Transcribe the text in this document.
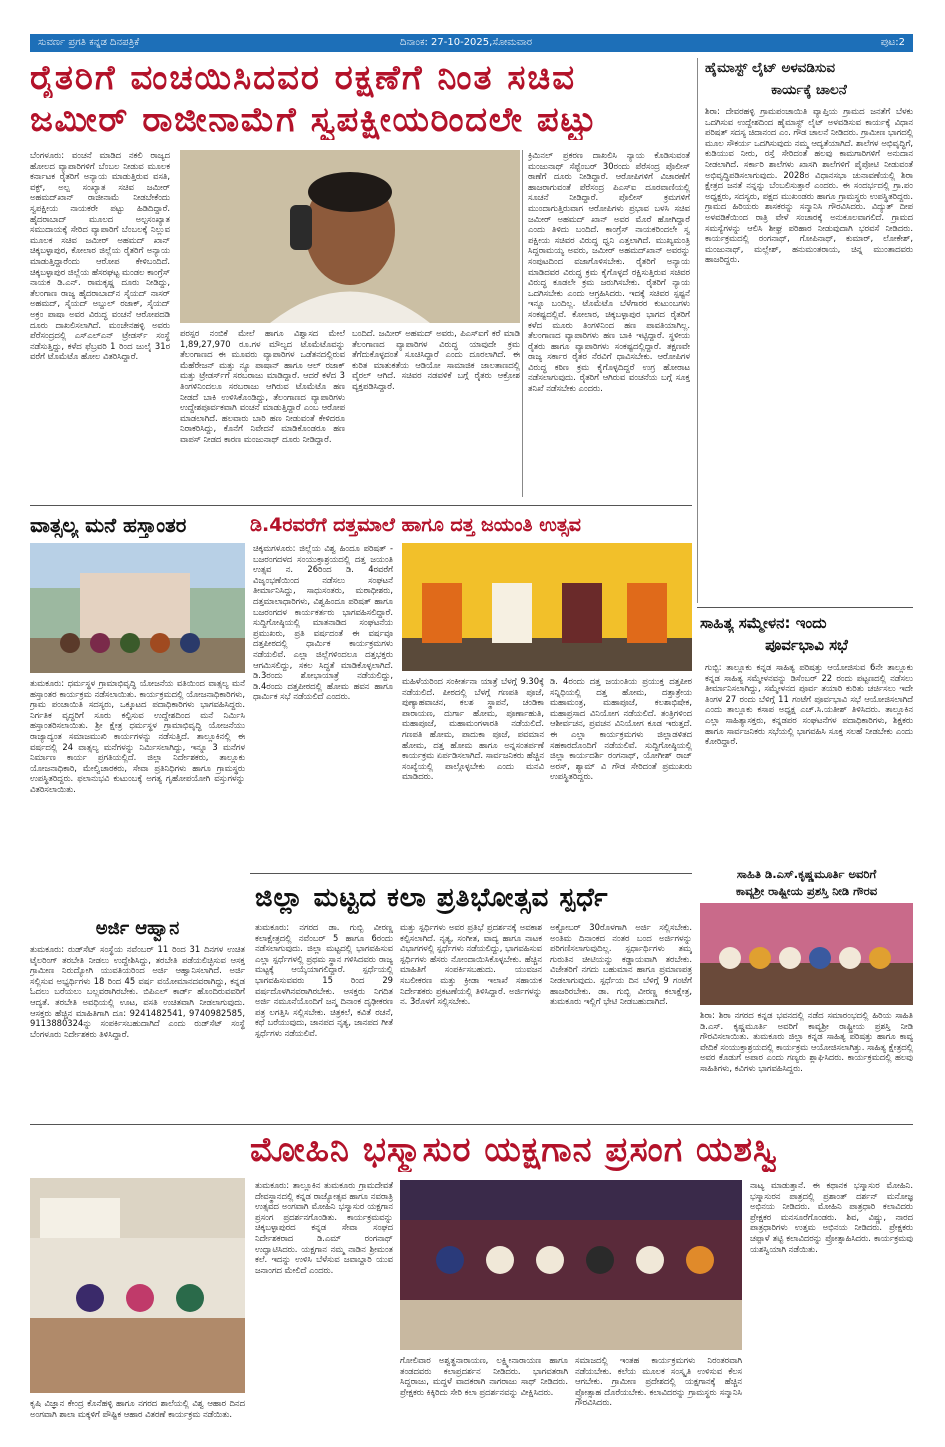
ಸುವರ್ಣ ಪ್ರಗತಿ ಕನ್ನಡ ದಿನಪತ್ರಿಕೆ	ದಿನಾಂಕ: 27-10-2025,ಸೋಮವಾರ	ಪುಟ:2
ರೈತರಿಗೆ ವಂಚಯಿಸಿದವರ ರಕ್ಷಣೆಗೆ ನಿಂತ ಸಚಿವ
ಜಮೀರ್ ರಾಜೀನಾಮೆಗೆ ಸ್ವಪಕ್ಷೀಯರಿಂದಲೇ ಪಟ್ಟು
ಬೆಂಗಳೂರು: ವಂಚನೆ ಮಾಡಿದ ನಕಲಿ ರಾಜ್ಯದ ಹೋಲದ ವ್ಯಾಪಾರಿಗಳಿಗೆ ಬೆಂಬಲ ನೀಡುವ ಮೂಲಕ ಕರ್ನಾಟಕ ರೈತರಿಗೆ ಅನ್ಯಾಯ ಮಾಡುತ್ತಿರುವ ವಸತಿ, ವಕ್ಫ್, ಅಲ್ಪ ಸಂಖ್ಯಾತ ಸಚಿವ ಜಮೀರ್ ಅಹಮದ್‌ಖಾನ್ ರಾಜೀನಾಮೆ ನೀಡಬೇಕೆಂದು ಸ್ವಪಕ್ಷೀಯ ನಾಯಕರೇ ಪಟ್ಟು ಹಿಡಿದಿದ್ದಾರೆ. ಹೈದರಾಬಾದ್ ಮೂಲದ ಅಲ್ಪಸಂಖ್ಯಾತ ಸಮುದಾಯಕ್ಕೆ ಸೇರಿದ ವ್ಯಾಪಾರಿಗೆ ಬೆಂಬಲಕ್ಕೆ ನಿಲ್ಲುವ ಮೂಲಕ ಸಚಿವ ಜಮೀರ್ ಅಹಮದ್ ಖಾನ್ ಚಿಕ್ಕಬಳ್ಳಾಪುರ, ಕೋಲಾರ ಜಿಲ್ಲೆಯ ರೈತರಿಗೆ ಅನ್ಯಾಯ ಮಾಡುತ್ತಿದ್ದಾರೆಂದು ಆರೋಪ ಕೇಳಿಬಂದಿದೆ. ಚಿಕ್ಕಬಳ್ಳಾಪುರ ಜಿಲ್ಲೆಯ ಹೆಸರಘಟ್ಟ ಮಂಡಲ ಕಾಂಗ್ರೆಸ್ ನಾಯಕ ಡಿ.ಎನ್. ರಾಮಕೃಷ್ಣ ದೂರು ನೀಡಿದ್ದು, ತೆಲಂಗಾಣ ರಾಜ್ಯ ಹೈದರಾಬಾದ್‌ನ ಸೈಯದ್ ನಾಸರ್ ಅಹಮದ್, ಸೈಯದ್ ಅಬ್ದುಲ್ ರಜಾಕ್, ಸೈಯದ್ ಅಕ್ರಂ ಪಾಷಾ ಅವರ ವಿರುದ್ಧ ವಂಚನೆ ಆರೋಪದಡಿ ದೂರು ದಾಖಲಿಸಲಾಗಿದೆ. ಮಂಚೇನಹಳ್ಳಿ ಅವರು ಪೆರೆಸಂದ್ರದಲ್ಲಿ ಎಸ್‌ಎಲ್‌ಎನ್ ಟ್ರೇಡರ್ಸ್ ಸಂಸ್ಥೆ ನಡೆಸುತ್ತಿದ್ದು, ಕಳೆದ ಫೆಬ್ರವರಿ 1 ರಿಂದ ಜುಲೈ 31ರ ವರೆಗೆ ಟೊಮೆಟೊ ಹೋಲ ವಿತರಿಸಿದ್ದಾರೆ.
ಪರಸ್ಪರ ನಂಬಿಕೆ ಮೇಲೆ ಹಾಗೂ ವಿಶ್ವಾಸದ ಮೇಲೆ 1,89,27,970 ರೂ.ಗಳ ಮೌಲ್ಯದ ಟೊಮೆಟೊವನ್ನು ತೆಲಂಗಾಣದ ಈ ಮೂವರು ವ್ಯಾಪಾರಿಗಳ ಒಡೆತನದಲ್ಲಿರುವ ಮೆಹೆರೇಜನ್ ಮತ್ತು ನ್ಯೂ ಪಾಷಾನ್ ಹಾಗೂ ಆಲ್ ರಜಾಕ್ ಮತ್ತು ಟ್ರೇಡರ್ಸ್‌ಗೆ ಸರಬರಾಜು ಮಾಡಿದ್ದಾರೆ. ಆದರೆ ಕಳೆದ 3 ತಿಂಗಳಿನಿಂದಲೂ ಸರಬರಾಜು ಆಗಿರುವ ಟೊಮೆಟೊ ಹಣ ನೀಡದೆ ಬಾಕಿ ಉಳಿಸಿಕೊಂಡಿದ್ದು, ತೆಲಂಗಾಣದ ವ್ಯಾಪಾರಿಗಳು ಉದ್ದೇಶಪೂರ್ವಕವಾಗಿ ವಂಚನೆ ಮಾಡುತ್ತಿದ್ದಾರೆ ಎಂಬ ಆರೋಪ ಮಾಡಲಾಗಿದೆ. ಹಲವಾರು ಬಾರಿ ಹಣ ನೀಡುವಂತೆ ಕೇಳಿದರೂ ನಿರಾಕರಿಸಿದ್ದು, ಕೊನೆಗೆ ನಿವೇದನೆ ಮಾಡಿಕೊಂಡರೂ ಹಣ ವಾಪಸ್ ನೀಡದ ಕಾರಣ ಮಂಜುನಾಥ್ ದೂರು ನೀಡಿದ್ದಾರೆ.
ಬಂದಿದೆ. ಜಮೀರ್ ಅಹಮದ್ ಅವರು, ಪಿಎಸ್‌ಐಗೆ ಕರೆ ಮಾಡಿ ತೆಲಂಗಾಣದ ವ್ಯಾಪಾರಿಗಳ ವಿರುದ್ಧ ಯಾವುದೇ ಕ್ರಮ ತೆಗೆದುಕೊಳ್ಳದಂತೆ ಸೂಚಿಸಿದ್ದಾರೆ ಎಂದು ದೂರಲಾಗಿದೆ. ಈ ಕುರಿತ ಮಾತುಕತೆಯ ಆಡಿಯೋ ಸಾಮಾಜಿಕ ಜಾಲತಾಣದಲ್ಲಿ ವೈರಲ್ ಆಗಿದೆ. ಸಚಿವರ ನಡವಳಿಕೆ ಬಗ್ಗೆ ರೈತರು ಆಕ್ರೋಶ ವ್ಯಕ್ತಪಡಿಸಿದ್ದಾರೆ.
ಕ್ರಿಮಿನಲ್ ಪ್ರಕರಣ ದಾಖಲಿಸಿ ನ್ಯಾಯ ಕೊಡಿಸುವಂತೆ ಮಂಜುನಾಥ್ ಸೆಪ್ಟೆಂಬರ್ 30ರಂದು ಪೆರೆಸಂದ್ರ ಪೊಲೀಸ್ ಠಾಣೆಗೆ ದೂರು ನೀಡಿದ್ದಾರೆ. ಆರೋಪಿಗಳಿಗೆ ವಿಚಾರಣೆಗೆ ಹಾಜರಾಗುವಂತೆ ಪೆರೆಸಂದ್ರ ಪಿಎಸ್‌ಐ ದೂರವಾಣಿಯಲ್ಲಿ ಸೂಚನೆ ನೀಡಿದ್ದಾರೆ. ಪೊಲೀಸ್ ಕ್ರಮಗಳಿಗೆ ಮುಂದಾಗುತ್ತಿರುವಾಗ ಆರೋಪಿಗಳು ಪ್ರಭಾವ ಬಳಸಿ ಸಚಿವ ಜಮೀರ್ ಅಹಮದ್ ಖಾನ್ ಅವರ ಮೊರೆ ಹೋಗಿದ್ದಾರೆ ಎಂದು ತಿಳಿದು ಬಂದಿದೆ. ಕಾಂಗ್ರೆಸ್ ನಾಯಕರಿಂದಲೇ ಸ್ವ ಪಕ್ಷೀಯ ಸಚಿವರ ವಿರುದ್ಧ ಧ್ವನಿ ಎತ್ತಲಾಗಿದೆ. ಮುಖ್ಯಮಂತ್ರಿ ಸಿದ್ದರಾಮಯ್ಯ ಅವರು, ಜಮೀರ್ ಅಹಮದ್‌ಖಾನ್ ಅವರನ್ನು ಸಂಪುಟದಿಂದ ವಜಾಗೊಳಿಸಬೇಕು. ರೈತರಿಗೆ ಅನ್ಯಾಯ ಮಾಡಿದವರ ವಿರುದ್ಧ ಕ್ರಮ ಕೈಗೊಳ್ಳದೆ ರಕ್ಷಿಸುತ್ತಿರುವ ಸಚಿವರ ವಿರುದ್ಧ ಕೂಡಲೇ ಕ್ರಮ ಜರುಗಿಸಬೇಕು. ರೈತರಿಗೆ ನ್ಯಾಯ ಒದಗಿಸಬೇಕು ಎಂದು ಆಗ್ರಹಿಸಿದರು. ಇದಕ್ಕೆ ಸಚಿವರ ಸ್ಪಷ್ಟನೆ ಇನ್ನೂ ಬಂದಿಲ್ಲ. ಟೊಮೆಟೊ ಬೆಳೆಗಾರರ ಕುಟುಂಬಗಳು ಸಂಕಷ್ಟದಲ್ಲಿವೆ. ಕೋಲಾರ, ಚಿಕ್ಕಬಳ್ಳಾಪುರ ಭಾಗದ ರೈತರಿಗೆ ಕಳೆದ ಮೂರು ತಿಂಗಳಿನಿಂದ ಹಣ ಪಾವತಿಯಾಗಿಲ್ಲ. ತೆಲಂಗಾಣದ ವ್ಯಾಪಾರಿಗಳು ಹಣ ಬಾಕಿ ಇಟ್ಟಿದ್ದಾರೆ. ಸ್ಥಳೀಯ ರೈತರು ಹಾಗೂ ವ್ಯಾಪಾರಿಗಳು ಸಂಕಷ್ಟದಲ್ಲಿದ್ದಾರೆ. ತಕ್ಷಣವೇ ರಾಜ್ಯ ಸರ್ಕಾರ ರೈತರ ನೆರವಿಗೆ ಧಾವಿಸಬೇಕು. ಆರೋಪಿಗಳ ವಿರುದ್ಧ ಕಠಿಣ ಕ್ರಮ ಕೈಗೊಳ್ಳದಿದ್ದರೆ ಉಗ್ರ ಹೋರಾಟ ನಡೆಸಲಾಗುವುದು. ರೈತರಿಗೆ ಆಗಿರುವ ವಂಚನೆಯ ಬಗ್ಗೆ ಸೂಕ್ತ ತನಿಖೆ ನಡೆಸಬೇಕು ಎಂದರು.
ಹೈಮಾಸ್ಟ್ ಲೈಟ್ ಅಳವಡಿಸುವ
ಕಾರ್ಯಕ್ಕೆ ಚಾಲನೆ
ಶಿರಾ: ದೇವರಹಳ್ಳಿ ಗ್ರಾಮಪಂಚಾಯಿತಿ ವ್ಯಾಪ್ತಿಯ ಗ್ರಾಮದ ಜನತೆಗೆ ಬೆಳಕು ಒದಗಿಸುವ ಉದ್ದೇಶದಿಂದ ಹೈಮಾಸ್ಟ್ ಲೈಟ್ ಅಳವಡಿಸುವ ಕಾರ್ಯಕ್ಕೆ ವಿಧಾನ ಪರಿಷತ್ ಸದಸ್ಯ ಚಿದಾನಂದ ಎಂ. ಗೌಡ ಚಾಲನೆ ನೀಡಿದರು. ಗ್ರಾಮೀಣ ಭಾಗದಲ್ಲಿ ಮೂಲ ಸೌಕರ್ಯ ಒದಗಿಸುವುದು ನಮ್ಮ ಆದ್ಯತೆಯಾಗಿದೆ. ಶಾಲೆಗಳ ಅಭಿವೃದ್ಧಿಗೆ, ಕುಡಿಯುವ ನೀರು, ರಸ್ತೆ ಸೇರಿದಂತೆ ಹಲವು ಕಾಮಗಾರಿಗಳಿಗೆ ಅನುದಾನ ನೀಡಲಾಗಿದೆ. ಸರ್ಕಾರಿ ಶಾಲೆಗಳು ಖಾಸಗಿ ಶಾಲೆಗಳಿಗೆ ಪೈಪೋಟಿ ನೀಡುವಂತೆ ಅಭಿವೃದ್ಧಿಪಡಿಸಲಾಗುವುದು. 2028ರ ವಿಧಾನಸಭಾ ಚುನಾವಣೆಯಲ್ಲಿ ಶಿರಾ ಕ್ಷೇತ್ರದ ಜನತೆ ನನ್ನನ್ನು ಬೆಂಬಲಿಸುತ್ತಾರೆ ಎಂದರು. ಈ ಸಂದರ್ಭದಲ್ಲಿ ಗ್ರಾ.ಪಂ ಅಧ್ಯಕ್ಷರು, ಸದಸ್ಯರು, ಪಕ್ಷದ ಮುಖಂಡರು ಹಾಗೂ ಗ್ರಾಮಸ್ಥರು ಉಪಸ್ಥಿತರಿದ್ದರು. ಗ್ರಾಮದ ಹಿರಿಯರು ಶಾಸಕರನ್ನು ಸನ್ಮಾನಿಸಿ ಗೌರವಿಸಿದರು. ವಿದ್ಯುತ್ ದೀಪ ಅಳವಡಿಕೆಯಿಂದ ರಾತ್ರಿ ವೇಳೆ ಸಂಚಾರಕ್ಕೆ ಅನುಕೂಲವಾಗಲಿದೆ. ಗ್ರಾಮದ ಸಮಸ್ಯೆಗಳನ್ನು ಆಲಿಸಿ ಶೀಘ್ರ ಪರಿಹಾರ ನೀಡುವುದಾಗಿ ಭರವಸೆ ನೀಡಿದರು. ಕಾರ್ಯಕ್ರಮದಲ್ಲಿ ರಂಗನಾಥ್, ಗೋಪಿನಾಥ್, ಕುಮಾರ್, ಲೋಕೇಶ್, ಮಂಜುನಾಥ್, ಮಲ್ಲೇಶ್, ಹನುಮಂತರಾಯ, ಚಿನ್ನ ಮುಂತಾದವರು ಹಾಜರಿದ್ದರು.
ವಾತ್ಸಲ್ಯ ಮನೆ ಹಸ್ತಾಂತರ	ಡಿ.4ರವರೆಗೆ ದತ್ತಮಾಲೆ ಹಾಗೂ ದತ್ತ ಜಯಂತಿ ಉತ್ಸವ
ತುಮಕೂರು: ಧರ್ಮಸ್ಥಳ ಗ್ರಾಮಾಭಿವೃದ್ಧಿ ಯೋಜನೆಯ ವತಿಯಿಂದ ವಾತ್ಸಲ್ಯ ಮನೆ ಹಸ್ತಾಂತರ ಕಾರ್ಯಕ್ರಮ ನಡೆಸಲಾಯಿತು. ಕಾರ್ಯಕ್ರಮದಲ್ಲಿ ಯೋಜನಾಧಿಕಾರಿಗಳು, ಗ್ರಾಮ ಪಂಚಾಯಿತಿ ಸದಸ್ಯರು, ಒಕ್ಕೂಟದ ಪದಾಧಿಕಾರಿಗಳು ಭಾಗವಹಿಸಿದ್ದರು. ನಿರ್ಗತಿಕ ವೃದ್ಧರಿಗೆ ಸೂರು ಕಲ್ಪಿಸುವ ಉದ್ದೇಶದಿಂದ ಮನೆ ನಿರ್ಮಿಸಿ ಹಸ್ತಾಂತರಿಸಲಾಯಿತು. ಶ್ರೀ ಕ್ಷೇತ್ರ ಧರ್ಮಸ್ಥಳ ಗ್ರಾಮಾಭಿವೃದ್ಧಿ ಯೋಜನೆಯು ರಾಜ್ಯಾದ್ಯಂತ ಸಮಾಜಮುಖಿ ಕಾರ್ಯಗಳನ್ನು ನಡೆಸುತ್ತಿದೆ. ತಾಲ್ಲೂಕಿನಲ್ಲಿ ಈ ವರ್ಷದಲ್ಲಿ 24 ವಾತ್ಸಲ್ಯ ಮನೆಗಳನ್ನು ನಿರ್ಮಿಸಲಾಗಿದ್ದು, ಇನ್ನೂ 3 ಮನೆಗಳ ನಿರ್ಮಾಣ ಕಾರ್ಯ ಪ್ರಗತಿಯಲ್ಲಿದೆ. ಜಿಲ್ಲಾ ನಿರ್ದೇಶಕರು, ತಾಲ್ಲೂಕು ಯೋಜನಾಧಿಕಾರಿ, ಮೇಲ್ವಿಚಾರಕರು, ಸೇವಾ ಪ್ರತಿನಿಧಿಗಳು ಹಾಗೂ ಗ್ರಾಮಸ್ಥರು ಉಪಸ್ಥಿತರಿದ್ದರು. ಫಲಾನುಭವಿ ಕುಟುಂಬಕ್ಕೆ ಅಗತ್ಯ ಗೃಹೋಪಯೋಗಿ ವಸ್ತುಗಳನ್ನು ವಿತರಿಸಲಾಯಿತು.
ಚಿಕ್ಕಮಗಳೂರು: ಜಿಲ್ಲೆಯ ವಿಶ್ವ ಹಿಂದೂ ಪರಿಷತ್ - ಬಜರಂಗದಳದ ಸಂಯುಕ್ತಾಶ್ರಯದಲ್ಲಿ ದತ್ತ ಜಯಂತಿ ಉತ್ಸವ ನ. 26ರಿಂದ ಡಿ. 4ರವರೆಗೆ ವಿಜೃಂಭಣೆಯಿಂದ ನಡೆಸಲು ಸಂಘಟನೆ ತೀರ್ಮಾನಿಸಿದ್ದು, ಸಾಧುಸಂತರು, ಮಠಾಧೀಶರು, ದತ್ತಮಾಲಾಧಾರಿಗಳು, ವಿಶ್ವಹಿಂದೂ ಪರಿಷತ್ ಹಾಗೂ ಬಜರಂಗದಳ ಕಾರ್ಯಕರ್ತರು ಭಾಗವಹಿಸಲಿದ್ದಾರೆ. ಸುದ್ದಿಗೋಷ್ಠಿಯಲ್ಲಿ ಮಾತನಾಡಿದ ಸಂಘಟನೆಯ ಪ್ರಮುಖರು, ಪ್ರತಿ ವರ್ಷದಂತೆ ಈ ವರ್ಷವೂ ದತ್ತಪೀಠದಲ್ಲಿ ಧಾರ್ಮಿಕ ಕಾರ್ಯಕ್ರಮಗಳು ನಡೆಯಲಿವೆ. ಎಲ್ಲಾ ಜಿಲ್ಲೆಗಳಿಂದಲೂ ದತ್ತಭಕ್ತರು ಆಗಮಿಸಲಿದ್ದು, ಸಕಲ ಸಿದ್ಧತೆ ಮಾಡಿಕೊಳ್ಳಲಾಗಿದೆ. ಡಿ.3ರಂದು ಶೋಭಾಯಾತ್ರೆ ನಡೆಯಲಿದ್ದು, ಡಿ.4ರಂದು ದತ್ತಪೀಠದಲ್ಲಿ ಹೋಮ ಹವನ ಹಾಗೂ ಧಾರ್ಮಿಕ ಸಭೆ ನಡೆಯಲಿದೆ ಎಂದರು.
ಮಹಿಳೆಯರಿಂದ ಸಂಕೀರ್ತನಾ ಯಾತ್ರೆ ಬೆಳಗ್ಗೆ 9.30ಕ್ಕೆ ನಡೆಯಲಿದೆ. ಪೀಠದಲ್ಲಿ ಬೆಳಗ್ಗೆ ಗಣಪತಿ ಪೂಜೆ, ಪುಣ್ಯಾಹವಾಚನ, ಕಲಶ ಸ್ಥಾಪನೆ, ಚಂಡಿಕಾ ಪಾರಾಯಣ, ದುರ್ಗಾ ಹೋಮ, ಪೂರ್ಣಾಹುತಿ, ಮಹಾಪೂಜೆ, ಮಹಾಮಂಗಳಾರತಿ ನಡೆಯಲಿದೆ. ಗಣಪತಿ ಹೋಮ, ಪಾದುಕಾ ಪೂಜೆ, ಪವಮಾನ ಹೋಮ, ದತ್ತ ಹೋಮ ಹಾಗೂ ಅನ್ನಸಂತರ್ಪಣೆ ಕಾರ್ಯಕ್ರಮ ಏರ್ಪಡಿಸಲಾಗಿದೆ. ಸಾರ್ವಜನಿಕರು ಹೆಚ್ಚಿನ ಸಂಖ್ಯೆಯಲ್ಲಿ ಪಾಲ್ಗೊಳ್ಳಬೇಕು ಎಂದು ಮನವಿ ಮಾಡಿದರು.
ಡಿ. 4ರಂದು ದತ್ತ ಜಯಂತಿಯ ಪ್ರಯುಕ್ತ ದತ್ತಪೀಠ ಸನ್ನಿಧಿಯಲ್ಲಿ ದತ್ತ ಹೋಮ, ದತ್ತಾತ್ರೇಯ ಮಹಾಮಂತ್ರ, ಮಹಾಪೂಜೆ, ಕಲಶಾಭಿಷೇಕ, ಮಹಾಪ್ರಸಾದ ವಿನಿಯೋಗ ನಡೆಯಲಿದೆ. ತಂತ್ರಿಗಳಿಂದ ಆಶೀರ್ವಚನ, ಪ್ರವಚನ ವಿನಿಯೋಗ ಕೂಡ ಇರುತ್ತದೆ. ಈ ಎಲ್ಲಾ ಕಾರ್ಯಕ್ರಮಗಳು ಜಿಲ್ಲಾಡಳಿತದ ಸಹಕಾರದೊಂದಿಗೆ ನಡೆಯಲಿವೆ. ಸುದ್ದಿಗೋಷ್ಠಿಯಲ್ಲಿ ಜಿಲ್ಲಾ ಕಾರ್ಯದರ್ಶಿ ರಂಗನಾಥ್, ಯೋಗೀಶ್ ರಾಜ್ ಅರಸ್, ಶ್ಯಾಮ್ ವಿ ಗೌಡ ಸೇರಿದಂತೆ ಪ್ರಮುಖರು ಉಪಸ್ಥಿತರಿದ್ದರು.
ಸಾಹಿತ್ಯ ಸಮ್ಮೇಳನ: ಇಂದು
ಪೂರ್ವಭಾವಿ ಸಭೆ
ಗುಬ್ಬಿ: ತಾಲ್ಲೂಕು ಕನ್ನಡ ಸಾಹಿತ್ಯ ಪರಿಷತ್ತು ಆಯೋಜಿಸುವ 6ನೇ ತಾಲ್ಲೂಕು ಕನ್ನಡ ಸಾಹಿತ್ಯ ಸಮ್ಮೇಳನವನ್ನು ಡಿಸೆಂಬರ್ 22 ರಂದು ಪಟ್ಟಣದಲ್ಲಿ ನಡೆಸಲು ತೀರ್ಮಾನಿಸಲಾಗಿದ್ದು, ಸಮ್ಮೇಳನದ ಪೂರ್ವ ತಯಾರಿ ಕುರಿತು ಚರ್ಚಿಸಲು ಇದೇ ತಿಂಗಳ 27 ರಂದು ಬೆಳಿಗ್ಗೆ 11 ಗಂಟೆಗೆ ಪೂರ್ವಭಾವಿ ಸಭೆ ಆಯೋಜಿಸಲಾಗಿದೆ ಎಂದು ತಾಲ್ಲೂಕು ಕಸಾಪ ಅಧ್ಯಕ್ಷ ಎಚ್.ಸಿ.ಯತೀಶ್ ತಿಳಿಸಿದರು. ತಾಲ್ಲೂಕಿನ ಎಲ್ಲಾ ಸಾಹಿತ್ಯಾಸಕ್ತರು, ಕನ್ನಡಪರ ಸಂಘಟನೆಗಳ ಪದಾಧಿಕಾರಿಗಳು, ಶಿಕ್ಷಕರು ಹಾಗೂ ಸಾರ್ವಜನಿಕರು ಸಭೆಯಲ್ಲಿ ಭಾಗವಹಿಸಿ ಸೂಕ್ತ ಸಲಹೆ ನೀಡಬೇಕು ಎಂದು ಕೋರಿದ್ದಾರೆ.
ಸಾಹಿತಿ ಡಿ.ಎಸ್.ಕೃಷ್ಣಮೂರ್ತಿ ಅವರಿಗೆ
ಕಾವ್ಯಶ್ರೀ ರಾಷ್ಟ್ರೀಯ ಪ್ರಶಸ್ತಿ ನೀಡಿ ಗೌರವ
ಶಿರಾ: ಶಿರಾ ನಗರದ ಕನ್ನಡ ಭವನದಲ್ಲಿ ನಡೆದ ಸಮಾರಂಭದಲ್ಲಿ ಹಿರಿಯ ಸಾಹಿತಿ ಡಿ.ಎಸ್. ಕೃಷ್ಣಮೂರ್ತಿ ಅವರಿಗೆ ಕಾವ್ಯಶ್ರೀ ರಾಷ್ಟ್ರೀಯ ಪ್ರಶಸ್ತಿ ನೀಡಿ ಗೌರವಿಸಲಾಯಿತು. ತುಮಕೂರು ಜಿಲ್ಲಾ ಕನ್ನಡ ಸಾಹಿತ್ಯ ಪರಿಷತ್ತು ಹಾಗೂ ಕಾವ್ಯ ವೇದಿಕೆ ಸಂಯುಕ್ತಾಶ್ರಯದಲ್ಲಿ ಕಾರ್ಯಕ್ರಮ ಆಯೋಜಿಸಲಾಗಿತ್ತು. ಸಾಹಿತ್ಯ ಕ್ಷೇತ್ರದಲ್ಲಿ ಅವರ ಕೊಡುಗೆ ಅಪಾರ ಎಂದು ಗಣ್ಯರು ಶ್ಲಾಘಿಸಿದರು. ಕಾರ್ಯಕ್ರಮದಲ್ಲಿ ಹಲವು ಸಾಹಿತಿಗಳು, ಕವಿಗಳು ಭಾಗವಹಿಸಿದ್ದರು.
ಜಿಲ್ಲಾ ಮಟ್ಟದ ಕಲಾ ಪ್ರತಿಭೋತ್ಸವ ಸ್ಪರ್ಧೆ
ತುಮಕೂರು: ನಗರದ ಡಾ. ಗುಬ್ಬಿ ವೀರಣ್ಣ ಕಲಾಕ್ಷೇತ್ರದಲ್ಲಿ ನವೆಂಬರ್ 5 ಹಾಗೂ 6ರಂದು ನಡೆಸಲಾಗುವುದು. ಜಿಲ್ಲಾ ಮಟ್ಟದಲ್ಲಿ ಭಾಗವಹಿಸುವ ಎಲ್ಲಾ ಸ್ಪರ್ಧೆಗಳಲ್ಲಿ ಪ್ರಥಮ ಸ್ಥಾನ ಗಳಿಸಿದವರು ರಾಜ್ಯ ಮಟ್ಟಕ್ಕೆ ಆಯ್ಕೆಯಾಗಲಿದ್ದಾರೆ. ಸ್ಪರ್ಧೆಯಲ್ಲಿ ಭಾಗವಹಿಸುವವರು 15 ರಿಂದ 29 ವರ್ಷದೊಳಗಿನವರಾಗಿರಬೇಕು. ಆಸಕ್ತರು ನಿಗದಿತ ಅರ್ಜಿ ನಮೂನೆಯೊಂದಿಗೆ ಜನ್ಮ ದಿನಾಂಕ ದೃಢೀಕರಣ ಪತ್ರ ಲಗತ್ತಿಸಿ ಸಲ್ಲಿಸಬೇಕು. ಚಿತ್ರಕಲೆ, ಕವಿತೆ ರಚನೆ, ಕಥೆ ಬರೆಯುವುದು, ಜಾನಪದ ನೃತ್ಯ, ಜಾನಪದ ಗೀತೆ ಸ್ಪರ್ಧೆಗಳು ನಡೆಯಲಿವೆ.
ಮತ್ತು ಸ್ಪರ್ಧಿಗಳು ಅವರ ಪ್ರತಿಭೆ ಪ್ರದರ್ಶನಕ್ಕೆ ಅವಕಾಶ ಕಲ್ಪಿಸಲಾಗಿದೆ. ನೃತ್ಯ, ಸಂಗೀತ, ವಾದ್ಯ ಹಾಗೂ ನಾಟಕ ವಿಭಾಗಗಳಲ್ಲಿ ಸ್ಪರ್ಧೆಗಳು ನಡೆಯಲಿದ್ದು, ಭಾಗವಹಿಸುವ ಸ್ಪರ್ಧಿಗಳು ಹೆಸರು ನೋಂದಾಯಿಸಿಕೊಳ್ಳಬೇಕು. ಹೆಚ್ಚಿನ ಮಾಹಿತಿಗೆ ಸಂಪರ್ಕಿಸಬಹುದು. ಯುವಜನ ಸಬಲೀಕರಣ ಮತ್ತು ಕ್ರೀಡಾ ಇಲಾಖೆ ಸಹಾಯಕ ನಿರ್ದೇಶಕರು ಪ್ರಕಟಣೆಯಲ್ಲಿ ತಿಳಿಸಿದ್ದಾರೆ. ಅರ್ಜಿಗಳನ್ನು ನ. 3ರೊಳಗೆ ಸಲ್ಲಿಸಬೇಕು.
ಅಕ್ಟೋಬರ್ 30ರೊಳಗಾಗಿ ಅರ್ಜಿ ಸಲ್ಲಿಸಬೇಕು. ಅಂತಿಮ ದಿನಾಂಕದ ನಂತರ ಬಂದ ಅರ್ಜಿಗಳನ್ನು ಪರಿಗಣಿಸಲಾಗುವುದಿಲ್ಲ. ಸ್ಪರ್ಧಾರ್ಥಿಗಳು ತಮ್ಮ ಗುರುತಿನ ಚೀಟಿಯನ್ನು ಕಡ್ಡಾಯವಾಗಿ ತರಬೇಕು. ವಿಜೇತರಿಗೆ ನಗದು ಬಹುಮಾನ ಹಾಗೂ ಪ್ರಮಾಣಪತ್ರ ನೀಡಲಾಗುವುದು. ಸ್ಪರ್ಧೆಯ ದಿನ ಬೆಳಿಗ್ಗೆ 9 ಗಂಟೆಗೆ ಹಾಜರಿರಬೇಕು. ಡಾ. ಗುಬ್ಬಿ ವೀರಣ್ಣ ಕಲಾಕ್ಷೇತ್ರ, ತುಮಕೂರು ಇಲ್ಲಿಗೆ ಭೇಟಿ ನೀಡಬಹುದಾಗಿದೆ.
ಅರ್ಜಿ ಆಹ್ವಾನ
ತುಮಕೂರು: ರುಡ್‌ಸೆಟ್ ಸಂಸ್ಥೆಯ ನವೆಂಬರ್ 11 ರಿಂದ 31 ದಿನಗಳ ಉಚಿತ ಟೈಲರಿಂಗ್ ತರಬೇತಿ ನೀಡಲು ಉದ್ದೇಶಿಸಿದ್ದು, ತರಬೇತಿ ಪಡೆಯಲಿಚ್ಛಿಸುವ ಆಸಕ್ತ ಗ್ರಾಮೀಣ ನಿರುದ್ಯೋಗಿ ಯುವತಿಯರಿಂದ ಅರ್ಜಿ ಆಹ್ವಾನಿಸಲಾಗಿದೆ. ಅರ್ಜಿ ಸಲ್ಲಿಸುವ ಅಭ್ಯರ್ಥಿಗಳು 18 ರಿಂದ 45 ವರ್ಷ ವಯೋಮಾನದವರಾಗಿದ್ದು, ಕನ್ನಡ ಓದಲು ಬರೆಯಲು ಬಲ್ಲವರಾಗಿರಬೇಕು. ಬಿಪಿಎಲ್ ಕಾರ್ಡ್ ಹೊಂದಿರುವವರಿಗೆ ಆದ್ಯತೆ. ತರಬೇತಿ ಅವಧಿಯಲ್ಲಿ ಊಟ, ವಸತಿ ಉಚಿತವಾಗಿ ನೀಡಲಾಗುವುದು. ಆಸಕ್ತರು ಹೆಚ್ಚಿನ ಮಾಹಿತಿಗಾಗಿ ದೂ: 9241482541, 9740982585, 9113880324ನ್ನು ಸಂಪರ್ಕಿಸಬಹುದಾಗಿದೆ ಎಂದು ರುಡ್‌ಸೆಟ್ ಸಂಸ್ಥೆ ಬೆಂಗಳೂರು ನಿರ್ದೇಶಕರು ತಿಳಿಸಿದ್ದಾರೆ.
ಮೋಹಿನಿ ಭಸ್ಮಾಸುರ ಯಕ್ಷಗಾನ ಪ್ರಸಂಗ ಯಶಸ್ವಿ
ಕೃಷಿ ವಿಜ್ಞಾನ ಕೇಂದ್ರ ಕೊನೆಹಳ್ಳಿ ಹಾಗೂ ನಗರದ ಶಾಲೆಯಲ್ಲಿ ವಿಶ್ವ ಆಹಾರ ದಿನದ ಅಂಗವಾಗಿ ಶಾಲಾ ಮಕ್ಕಳಿಗೆ ಪೌಷ್ಟಿಕ ಆಹಾರ ವಿತರಣೆ ಕಾರ್ಯಕ್ರಮ ನಡೆಯಿತು.
ತುಮಕೂರು: ತಾಲ್ಲೂಕಿನ ತುಮಕೂರು ಗ್ರಾಮದೇವತೆ ದೇವಸ್ಥಾನದಲ್ಲಿ ಕನ್ನಡ ರಾಜ್ಯೋತ್ಸವ ಹಾಗೂ ನವರಾತ್ರಿ ಉತ್ಸವದ ಅಂಗವಾಗಿ ಮೋಹಿನಿ ಭಸ್ಮಾಸುರ ಯಕ್ಷಗಾನ ಪ್ರಸಂಗ ಪ್ರದರ್ಶನಗೊಂಡಿತು. ಕಾರ್ಯಕ್ರಮವನ್ನು ಚಿಕ್ಕಬಳ್ಳಾಪುರದ ಕನ್ನಡ ಸೇವಾ ಸಂಘದ ನಿರ್ದೇಶಕರಾದ ಡಿ.ಎಮ್ ರಂಗನಾಥ್ ಉದ್ಘಾಟಿಸಿದರು. ಯಕ್ಷಗಾನ ನಮ್ಮ ನಾಡಿನ ಶ್ರೀಮಂತ ಕಲೆ. ಇದನ್ನು ಉಳಿಸಿ ಬೆಳೆಸುವ ಜವಾಬ್ದಾರಿ ಯುವ ಜನಾಂಗದ ಮೇಲಿದೆ ಎಂದರು.
ಗೋಲಿವಾರ ಅಶ್ವತ್ಥನಾರಾಯಣ, ಲಕ್ಷ್ಮೀನಾರಾಯಣ ಹಾಗೂ ತಂಡದವರು ಕಲಾಪ್ರದರ್ಶನ ನೀಡಿದರು. ಭಾಗವತರಾಗಿ ಸಿದ್ದರಾಜು, ಮದ್ದಳೆ ವಾದಕರಾಗಿ ನಾಗರಾಜು ಸಾಥ್ ನೀಡಿದರು. ಪ್ರೇಕ್ಷಕರು ಕಿಕ್ಕಿರಿದು ಸೇರಿ ಕಲಾ ಪ್ರದರ್ಶನವನ್ನು ವೀಕ್ಷಿಸಿದರು.
ಸಮಾಜದಲ್ಲಿ ಇಂತಹ ಕಾರ್ಯಕ್ರಮಗಳು ನಿರಂತರವಾಗಿ ನಡೆಯಬೇಕು. ಕಲೆಯ ಮೂಲಕ ಸಂಸ್ಕೃತಿ ಉಳಿಸುವ ಕೆಲಸ ಆಗಬೇಕು. ಗ್ರಾಮೀಣ ಪ್ರದೇಶದಲ್ಲಿ ಯಕ್ಷಗಾನಕ್ಕೆ ಹೆಚ್ಚಿನ ಪ್ರೋತ್ಸಾಹ ದೊರೆಯಬೇಕು. ಕಲಾವಿದರನ್ನು ಗ್ರಾಮಸ್ಥರು ಸನ್ಮಾನಿಸಿ ಗೌರವಿಸಿದರು.
ನಾಟ್ಯ ಮಾಡುತ್ತಾನೆ. ಈ ಕಥಾನಕ ಭಸ್ಮಾಸುರ ಮೋಹಿನಿ. ಭಸ್ಮಾಸುರನ ಪಾತ್ರದಲ್ಲಿ ಪ್ರಶಾಂತ್ ದರ್ಶನ್ ಮನೋಜ್ಞ ಅಭಿನಯ ನೀಡಿದರು. ಮೋಹಿನಿ ಪಾತ್ರಧಾರಿ ಕಲಾವಿದರು ಪ್ರೇಕ್ಷಕರ ಮನಸೂರೆಗೊಂಡರು. ಶಿವ, ವಿಷ್ಣು, ನಾರದ ಪಾತ್ರಧಾರಿಗಳು ಉತ್ತಮ ಅಭಿನಯ ನೀಡಿದರು. ಪ್ರೇಕ್ಷಕರು ಚಪ್ಪಾಳೆ ತಟ್ಟಿ ಕಲಾವಿದರನ್ನು ಪ್ರೋತ್ಸಾಹಿಸಿದರು. ಕಾರ್ಯಕ್ರಮವು ಯಶಸ್ವಿಯಾಗಿ ನಡೆಯಿತು.
